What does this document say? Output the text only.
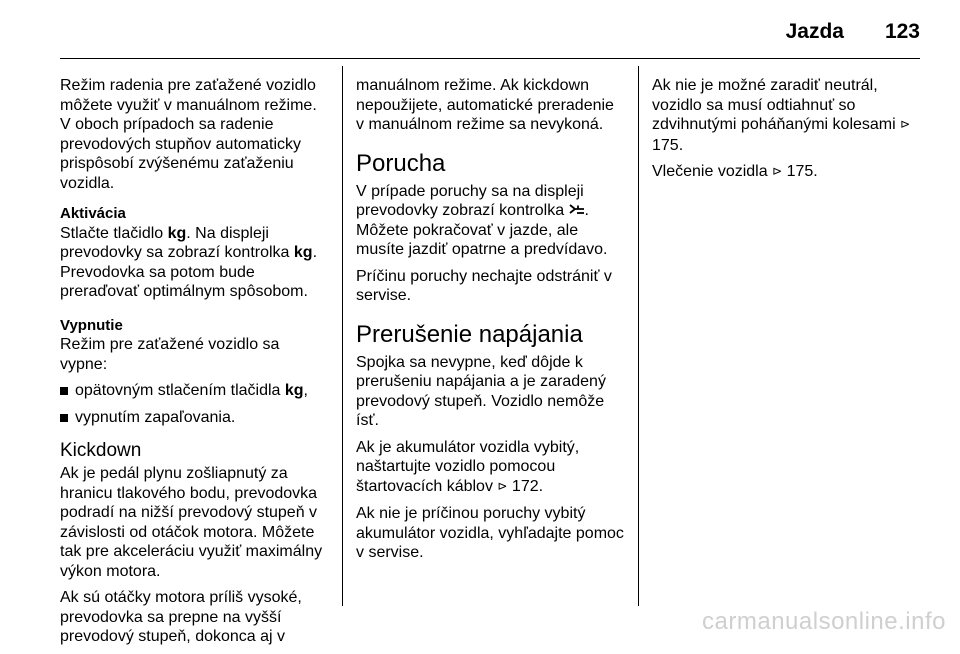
Jazda 123

Režim radenia pre zaťažené vozidlo môžete využiť v manuálnom režime. V oboch prípadoch sa radenie prevodových stupňov automaticky prispôsobí zvýšenému zaťaženiu vozidla.

Aktivácia

Stlačte tlačidlo kg. Na displeji prevodovky sa zobrazí kontrolka kg. Prevodovka sa potom bude preraďovať optimálnym spôsobom.

Vypnutie

Režim pre zaťažené vozidlo sa vypne:

opätovným stlačením tlačidla kg,
vypnutím zapaľovania.
Kickdown

Ak je pedál plynu zošliapnutý za hranicu tlakového bodu, prevodovka podradí na nižší prevodový stupeň v závislosti od otáčok motora. Môžete tak pre akceleráciu využiť maximálny výkon motora.

Ak sú otáčky motora príliš vysoké, prevodovka sa prepne na vyšší prevodový stupeň, dokonca aj v

manuálnom režime. Ak kickdown nepoužijete, automatické preradenie v manuálnom režime sa nevykoná.

Porucha

V prípade poruchy sa na displeji prevodovky zobrazí kontrolka . Môžete pokračovať v jazde, ale musíte jazdiť opatrne a predvídavo.

Príčinu poruchy nechajte odstrániť v servise.

Prerušenie napájania

Spojka sa nevypne, keď dôjde k prerušeniu napájania a je zaradený prevodový stupeň. Vozidlo nemôže ísť.

Ak je akumulátor vozidla vybitý, naštartujte vozidlo pomocou štartovacích káblov ⊳ 172.

Ak nie je príčinou poruchy vybitý akumulátor vozidla, vyhľadajte pomoc v servise.

Ak nie je možné zaradiť neutrál, vozidlo sa musí odtiahnuť so zdvihnutými poháňanými kolesami ⊳ 175.

Vlečenie vozidla ⊳ 175.

carmanualsonline.info
